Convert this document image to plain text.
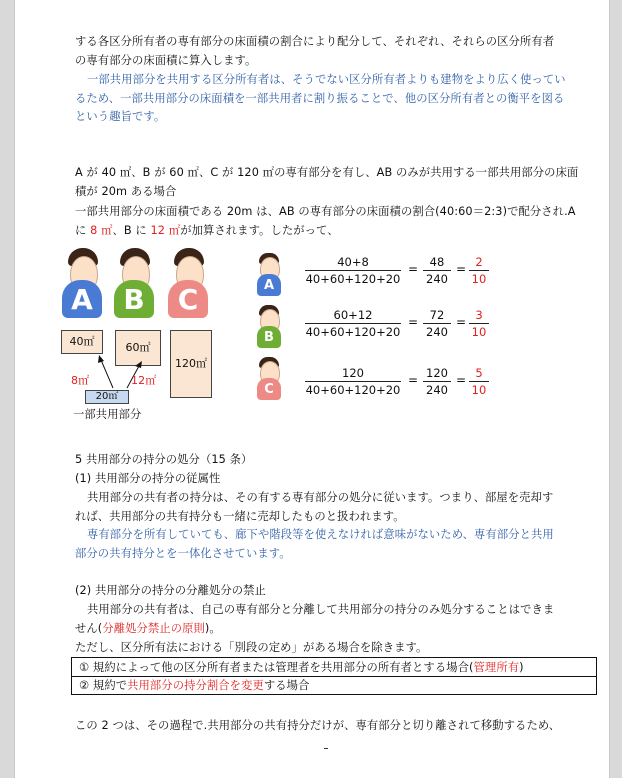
する各区分所有者の専有部分の床面積の割合により配分して、それぞれ、それらの区分所有者
の専有部分の床面積に算入します。
一部共用部分を共用する区分所有者は、そうでない区分所有者よりも建物をより広く使ってい
るため、一部共用部分の床面積を一部共用者に割り振ることで、他の区分所有者との衡平を図る
という趣旨です。
A が 40 ㎡、B が 60 ㎡、C が 120 ㎡の専有部分を有し、AB のみが共用する一部共用部分の床面
積が 20m ある場合
一部共用部分の床面積である 20m は、AB の専有部分の床面積の割合(40:60＝2:3)で配分され.A
に 8 ㎡、B に 12 ㎡が加算されます。したがって、
A	B	C
40㎡	60㎡
120㎡
8㎡	12㎡
20㎡
一部共用部分
A
40+8
40+60+120+20
=	48
240
= 2
10
B
60+12
40+60+120+20
=	72
240
= 3
10
C
120
40+60+120+20
= 120
240
= 5
10
5 共用部分の持分の処分（15 条）
(1) 共用部分の持分の従属性
共用部分の共有者の持分は、その有する専有部分の処分に従います。つまり、部屋を売却す
れば、共用部分の共有持分も一緒に売却したものと扱われます。
専有部分を所有していても、廊下や階段等を使えなければ意味がないため、専有部分と共用
部分の共有持分とを一体化させています。
(2) 共用部分の持分の分離処分の禁止
共用部分の共有者は、自己の専有部分と分離して共用部分の持分のみ処分することはできま
せん(分離処分禁止の原則)。
ただし、区分所有法における「別段の定め」がある場合を除きます。
① 規約によって他の区分所有者または管理者を共用部分の所有者とする場合(管理所有)
② 規約で共用部分の持分割合を変更する場合
この 2 つは、その過程で.共用部分の共有持分だけが、専有部分と切り離されて移動するため、
